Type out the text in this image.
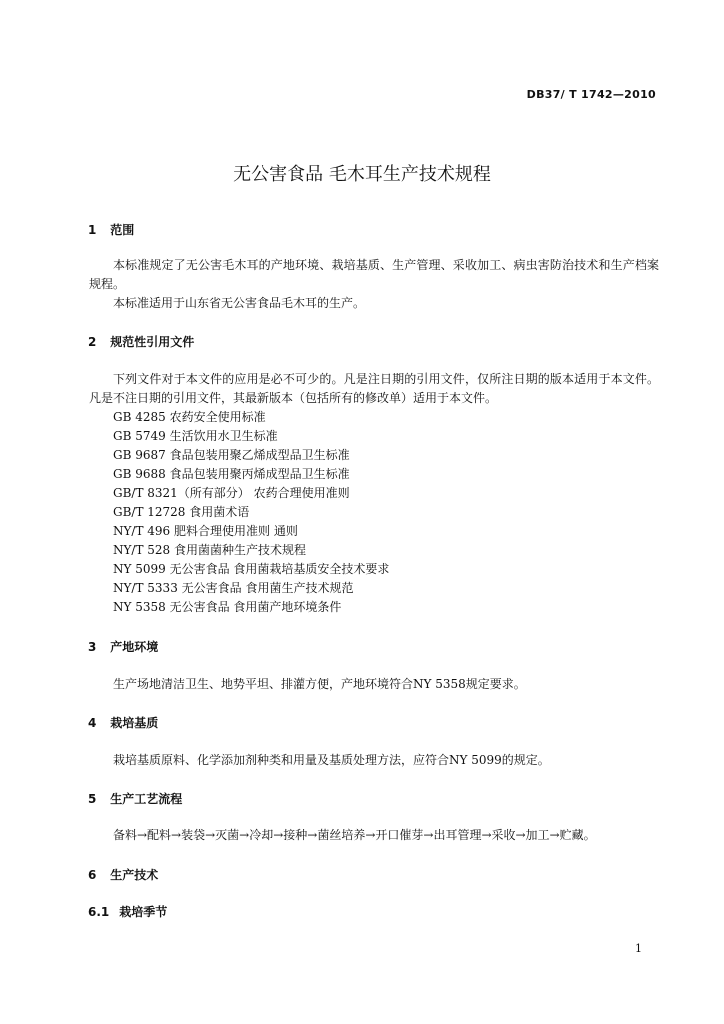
DB37/ T 1742—2010
无公害食品 毛木耳生产技术规程
1 范围
本标准规定了无公害毛木耳的产地环境、栽培基质、生产管理、采收加工、病虫害防治技术和生产档案规程。
本标准适用于山东省无公害食品毛木耳的生产。
2 规范性引用文件
下列文件对于本文件的应用是必不可少的。凡是注日期的引用文件，仅所注日期的版本适用于本文件。凡是不注日期的引用文件，其最新版本（包括所有的修改单）适用于本文件。
GB 4285 农药安全使用标准
GB 5749 生活饮用水卫生标准
GB 9687 食品包装用聚乙烯成型品卫生标准
GB 9688 食品包装用聚丙烯成型品卫生标准
GB/T 8321（所有部分） 农药合理使用准则
GB/T 12728 食用菌术语
NY/T 496 肥料合理使用准则 通则
NY/T 528 食用菌菌种生产技术规程
NY 5099 无公害食品 食用菌栽培基质安全技术要求
NY/T 5333 无公害食品 食用菌生产技术规范
NY 5358 无公害食品 食用菌产地环境条件
3 产地环境
生产场地清洁卫生、地势平坦、排灌方便，产地环境符合NY 5358规定要求。
4 栽培基质
栽培基质原料、化学添加剂种类和用量及基质处理方法，应符合NY 5099的规定。
5 生产工艺流程
备料→配料→装袋→灭菌→冷却→接种→菌丝培养→开口催芽→出耳管理→采收→加工→贮藏。
6 生产技术
6.1 栽培季节
1
